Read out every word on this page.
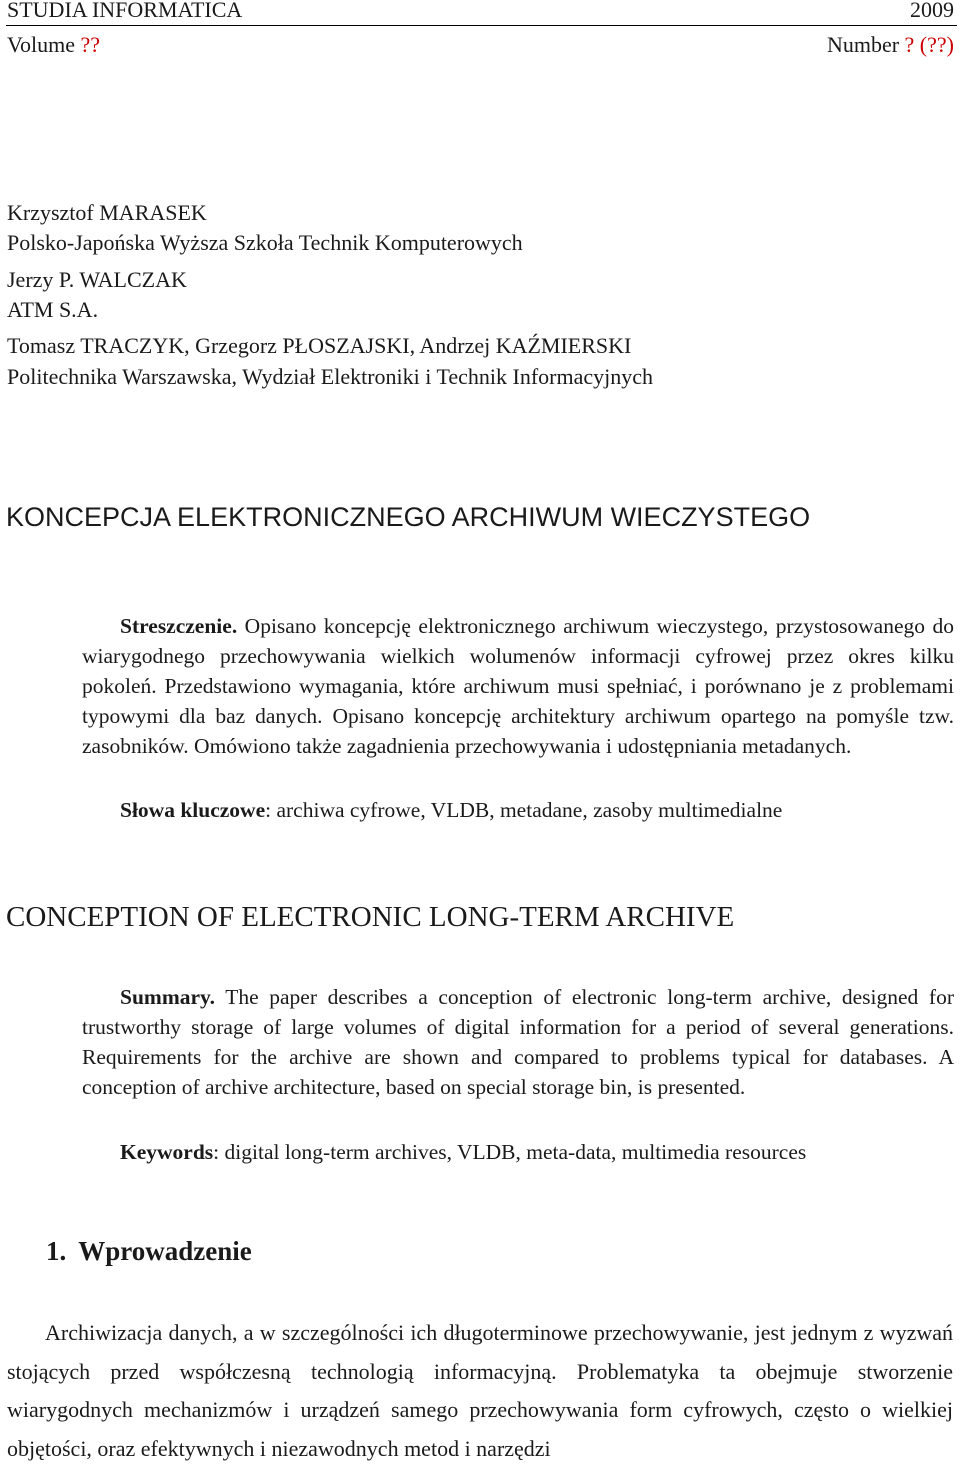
STUDIA INFORMATICA	2009
Volume ??	Number ? (??)
Krzysztof MARASEK
Polsko-Japońska Wyższa Szkoła Technik Komputerowych
Jerzy P. WALCZAK
ATM S.A.
Tomasz TRACZYK, Grzegorz PŁOSZAJSKI, Andrzej KAŹMIERSKI
Politechnika Warszawska, Wydział Elektroniki i Technik Informacyjnych
KONCEPCJA ELEKTRONICZNEGO ARCHIWUM WIECZYSTEGO
Streszczenie. Opisano koncepcję elektronicznego archiwum wieczystego, przystosowanego do wiarygodnego przechowywania wielkich wolumenów informacji cyfrowej przez okres kilku pokoleń. Przedstawiono wymagania, które archiwum musi spełniać, i porównano je z problemami typowymi dla baz danych. Opisano koncepcję architektury archiwum opartego na pomyśle tzw. zasobników. Omówiono także zagadnienia przechowywania i udostępniania metadanych.
Słowa kluczowe: archiwa cyfrowe, VLDB, metadane, zasoby multimedialne
CONCEPTION OF ELECTRONIC LONG-TERM ARCHIVE
Summary. The paper describes a conception of electronic long-term archive, designed for trustworthy storage of large volumes of digital information for a period of several generations. Requirements for the archive are shown and compared to problems typical for databases. A conception of archive architecture, based on special storage bin, is presented.
Keywords: digital long-term archives, VLDB, meta-data, multimedia resources
1. Wprowadzenie
Archiwizacja danych, a w szczególności ich długoterminowe przechowywanie, jest jednym z wyzwań stojących przed współczesną technologią informacyjną. Problematyka ta obejmuje stworzenie wiarygodnych mechanizmów i urządzeń samego przechowywania form cyfrowych, często o wielkiej objętości, oraz efektywnych i niezawodnych metod i narzędzi
